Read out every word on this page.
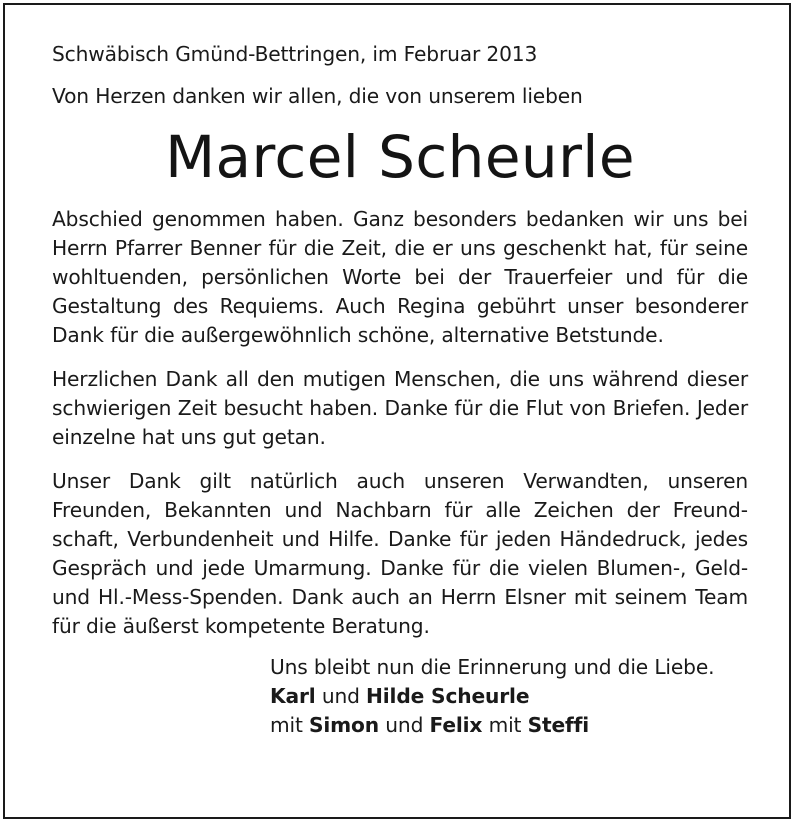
Schwäbisch Gmünd-Bettringen, im Februar 2013

Von Herzen danken wir allen, die von unserem lieben

Marcel Scheurle

Abschied genommen haben. Ganz besonders bedanken wir uns bei Herrn Pfarrer Benner für die Zeit, die er uns geschenkt hat, für seine wohltuenden, persönlichen Worte bei der Trauerfeier und für die Gestaltung des Requiems. Auch Regina gebührt unser besonderer Dank für die außergewöhnlich schöne, alternative Betstunde.

Herzlichen Dank all den mutigen Menschen, die uns während dieser schwierigen Zeit besucht haben. Danke für die Flut von Briefen. Jeder einzelne hat uns gut getan.

Unser Dank gilt natürlich auch unseren Verwandten, unseren Freunden, Bekannten und Nachbarn für alle Zeichen der Freundschaft, Verbundenheit und Hilfe. Danke für jeden Händedruck, jedes Gespräch und jede Umarmung. Danke für die vielen Blumen-, Geld- und Hl.-Mess-Spenden. Dank auch an Herrn Elsner mit seinem Team für die äußerst kompetente Beratung.

Uns bleibt nun die Erinnerung und die Liebe.
Karl und Hilde Scheurle
mit Simon und Felix mit Steffi
